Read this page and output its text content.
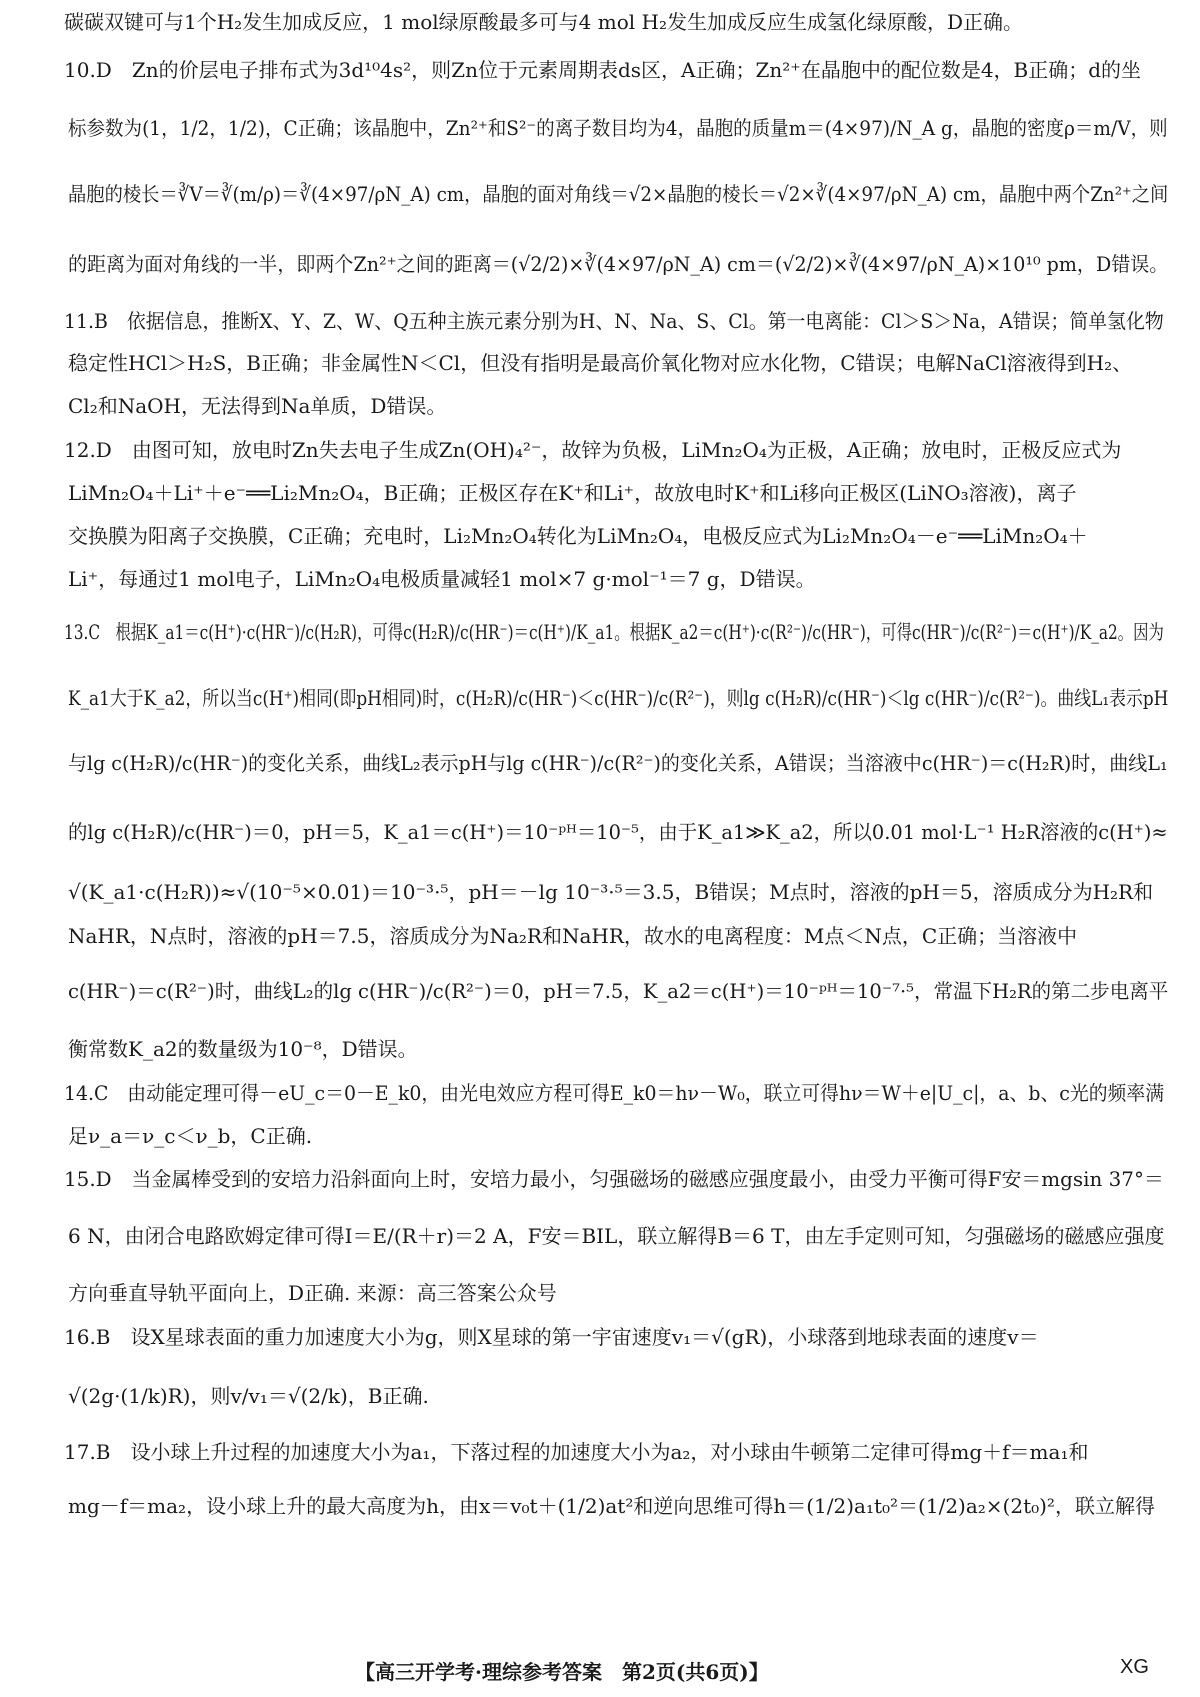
碳碳双键可与1个H₂发生加成反应，1 mol绿原酸最多可与4 mol H₂发生加成反应生成氢化绿原酸，D正确。
10.D　Zn的价层电子排布式为3d¹⁰4s²，则Zn位于元素周期表ds区，A正确；Zn²⁺在晶胞中的配位数是4，B正确；d的坐
标参数为(1，1/2，1/2)，C正确；该晶胞中，Zn²⁺和S²⁻的离子数目均为4，晶胞的质量m＝(4×97)/N_A g，晶胞的密度ρ＝m/V，则
晶胞的棱长＝∛V＝∛(m/ρ)＝∛(4×97/ρN_A) cm，晶胞的面对角线＝√2×晶胞的棱长＝√2×∛(4×97/ρN_A) cm，晶胞中两个Zn²⁺之间
的距离为面对角线的一半，即两个Zn²⁺之间的距离＝(√2/2)×∛(4×97/ρN_A) cm＝(√2/2)×∛(4×97/ρN_A)×10¹⁰ pm，D错误。
11.B　依据信息，推断X、Y、Z、W、Q五种主族元素分别为H、N、Na、S、Cl。第一电离能：Cl＞S＞Na，A错误；简单氢化物
稳定性HCl＞H₂S，B正确；非金属性N＜Cl，但没有指明是最高价氧化物对应水化物，C错误；电解NaCl溶液得到H₂、
Cl₂和NaOH，无法得到Na单质，D错误。
12.D　由图可知，放电时Zn失去电子生成Zn(OH)₄²⁻，故锌为负极，LiMn₂O₄为正极，A正确；放电时，正极反应式为
LiMn₂O₄＋Li⁺＋e⁻══Li₂Mn₂O₄，B正确；正极区存在K⁺和Li⁺，故放电时K⁺和Li移向正极区(LiNO₃溶液)，离子
交换膜为阳离子交换膜，C正确；充电时，Li₂Mn₂O₄转化为LiMn₂O₄，电极反应式为Li₂Mn₂O₄－e⁻══LiMn₂O₄＋
Li⁺，每通过1 mol电子，LiMn₂O₄电极质量减轻1 mol×7 g·mol⁻¹＝7 g，D错误。
13.C　根据K_a1＝c(H⁺)·c(HR⁻)/c(H₂R)，可得c(H₂R)/c(HR⁻)＝c(H⁺)/K_a1。根据K_a2＝c(H⁺)·c(R²⁻)/c(HR⁻)，可得c(HR⁻)/c(R²⁻)＝c(H⁺)/K_a2。因为
K_a1大于K_a2，所以当c(H⁺)相同(即pH相同)时，c(H₂R)/c(HR⁻)＜c(HR⁻)/c(R²⁻)，则lg c(H₂R)/c(HR⁻)＜lg c(HR⁻)/c(R²⁻)。曲线L₁表示pH
与lg c(H₂R)/c(HR⁻)的变化关系，曲线L₂表示pH与lg c(HR⁻)/c(R²⁻)的变化关系，A错误；当溶液中c(HR⁻)＝c(H₂R)时，曲线L₁
的lg c(H₂R)/c(HR⁻)＝0，pH＝5，K_a1＝c(H⁺)＝10⁻ᵖᴴ＝10⁻⁵，由于K_a1≫K_a2，所以0.01 mol·L⁻¹ H₂R溶液的c(H⁺)≈
√(K_a1·c(H₂R))≈√(10⁻⁵×0.01)＝10⁻³·⁵，pH＝－lg 10⁻³·⁵＝3.5，B错误；M点时，溶液的pH＝5，溶质成分为H₂R和
NaHR，N点时，溶液的pH＝7.5，溶质成分为Na₂R和NaHR，故水的电离程度：M点＜N点，C正确；当溶液中
c(HR⁻)＝c(R²⁻)时，曲线L₂的lg c(HR⁻)/c(R²⁻)＝0，pH＝7.5，K_a2＝c(H⁺)＝10⁻ᵖᴴ＝10⁻⁷·⁵，常温下H₂R的第二步电离平
衡常数K_a2的数量级为10⁻⁸，D错误。
14.C　由动能定理可得－eU_c＝0－E_k0，由光电效应方程可得E_k0＝hν－W₀，联立可得hν＝W＋e|U_c|，a、b、c光的频率满
足ν_a＝ν_c＜ν_b，C正确.
15.D　当金属棒受到的安培力沿斜面向上时，安培力最小，匀强磁场的磁感应强度最小，由受力平衡可得F安＝mgsin 37°＝
6 N，由闭合电路欧姆定律可得I＝E/(R＋r)＝2 A，F安＝BIL，联立解得B＝6 T，由左手定则可知，匀强磁场的磁感应强度
方向垂直导轨平面向上，D正确. 来源：高三答案公众号
16.B　设X星球表面的重力加速度大小为g，则X星球的第一宇宙速度v₁＝√(gR)，小球落到地球表面的速度v＝
√(2g·(1/k)R)，则v/v₁＝√(2/k)，B正确.
17.B　设小球上升过程的加速度大小为a₁，下落过程的加速度大小为a₂，对小球由牛顿第二定律可得mg＋f＝ma₁和
mg－f＝ma₂，设小球上升的最大高度为h，由x＝v₀t＋(1/2)at²和逆向思维可得h＝(1/2)a₁t₀²＝(1/2)a₂×(2t₀)²，联立解得
【高三开学考·理综参考答案　第2页(共6页)】	XG
